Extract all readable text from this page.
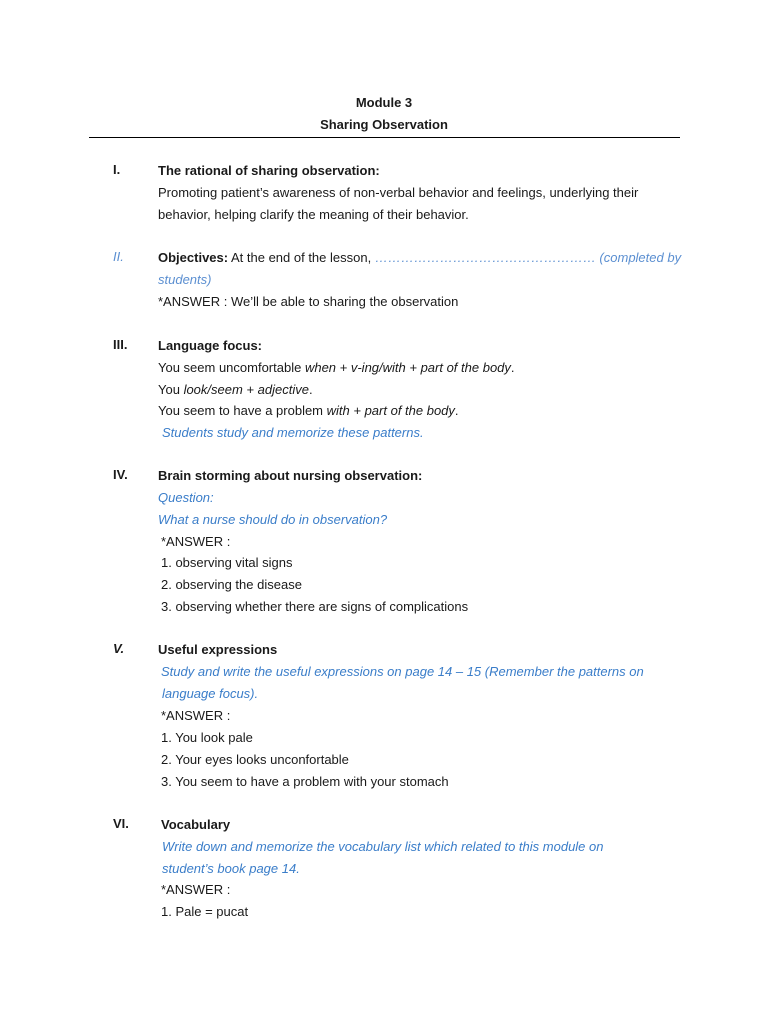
Module 3
Sharing Observation
I.	The rational of sharing observation:
Promoting patient’s awareness of non-verbal behavior and feelings, underlying their
behavior, helping clarify the meaning of their behavior.
II.	Objectives: At the end of the lesson, …………………………………………… (completed by
students)
*ANSWER : We’ll be able to sharing the observation
III. Language focus:
You seem uncomfortable when + v-ing/with + part of the body.
You look/seem + adjective.
You seem to have a problem with + part of the body.
Students study and memorize these patterns.
IV. Brain storming about nursing observation:
Question:
What a nurse should do in observation?
*ANSWER :
1. observing vital signs
2. observing the disease
3. observing whether there are signs of complications
V.	Useful expressions
Study and write the useful expressions on page 14 – 15 (Remember the patterns on
language focus).
*ANSWER :
1. You look pale
2. Your eyes looks unconfortable
3. You seem to have a problem with your stomach
VI. Vocabulary
Write down and memorize the vocabulary list which related to this module on
student’s book page 14.
*ANSWER :
1. Pale = pucat
